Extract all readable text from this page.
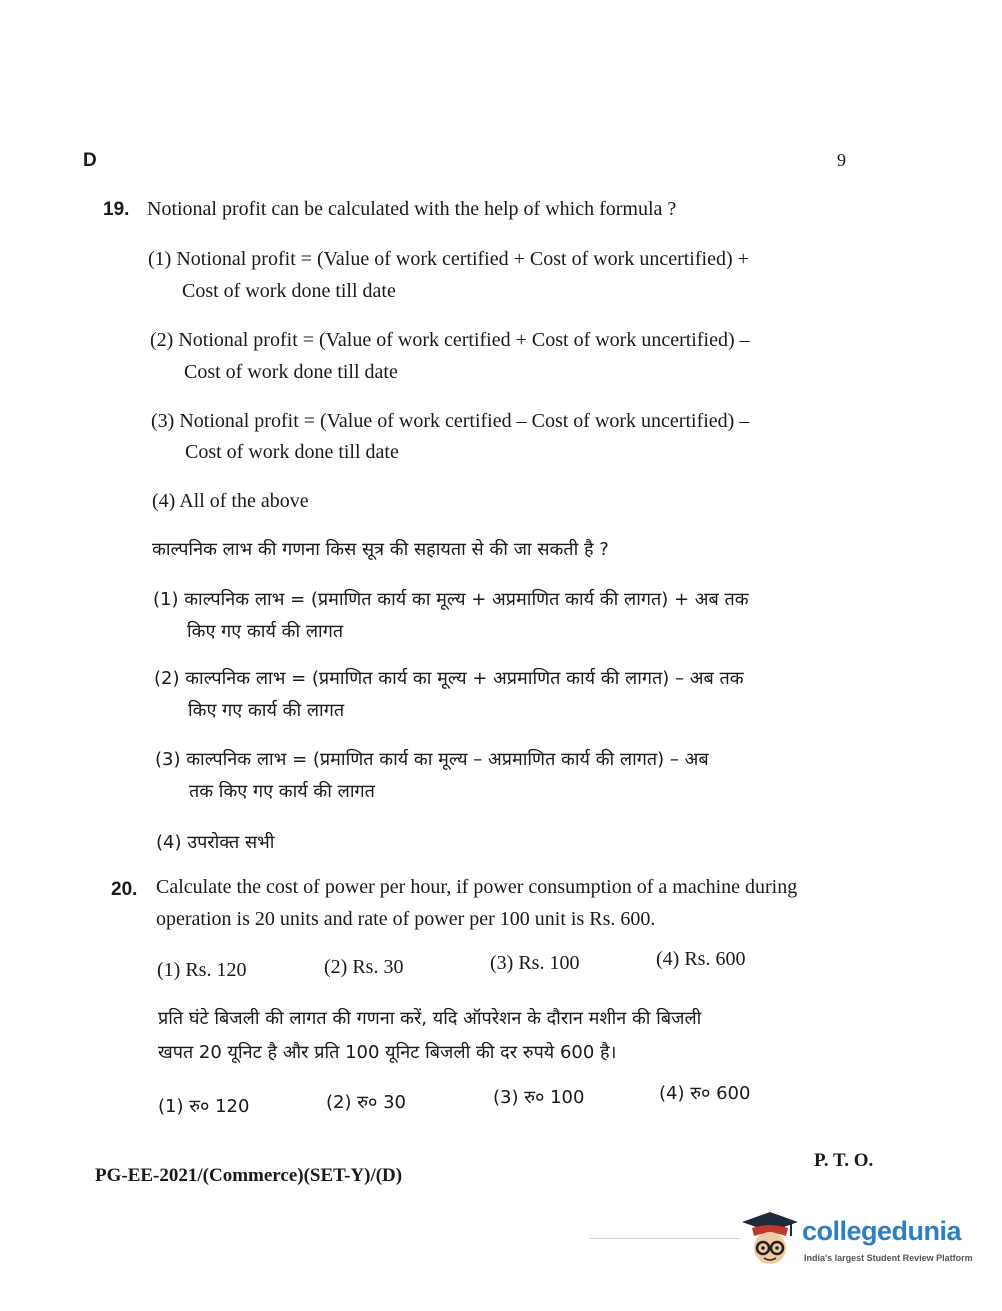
D	9
19. Notional profit can be calculated with the help of which formula ?
(1) Notional profit = (Value of work certified + Cost of work uncertified) +
Cost of work done till date
(2) Notional profit = (Value of work certified + Cost of work uncertified) –
Cost of work done till date
(3) Notional profit = (Value of work certified – Cost of work uncertified) –
Cost of work done till date
(4) All of the above
काल्पनिक लाभ की गणना किस सूत्र की सहायता से की जा सकती है ?
(1) काल्पनिक लाभ = (प्रमाणित कार्य का मूल्य + अप्रमाणित कार्य की लागत) + अब तक
किए गए कार्य की लागत
(2) काल्पनिक लाभ = (प्रमाणित कार्य का मूल्य + अप्रमाणित कार्य की लागत) – अब तक
किए गए कार्य की लागत
(3) काल्पनिक लाभ = (प्रमाणित कार्य का मूल्य – अप्रमाणित कार्य की लागत) – अब
तक किए गए कार्य की लागत
(4) उपरोक्त सभी
20. Calculate the cost of power per hour, if power consumption of a machine during
operation is 20 units and rate of power per 100 unit is Rs. 600.
(1) Rs. 120	(2) Rs. 30	(3) Rs. 100	(4) Rs. 600
प्रति घंटे बिजली की लागत की गणना करें, यदि ऑपरेशन के दौरान मशीन की बिजली
खपत 20 यूनिट है और प्रति 100 यूनिट बिजली की दर रुपये 600 है।
(1) रु० 120	(2) रु० 30	(3) रु० 100	(4) रु० 600
PG-EE-2021/(Commerce)(SET-Y)/(D)
P. T. O.
collegedunia
India's largest Student Review Platform
